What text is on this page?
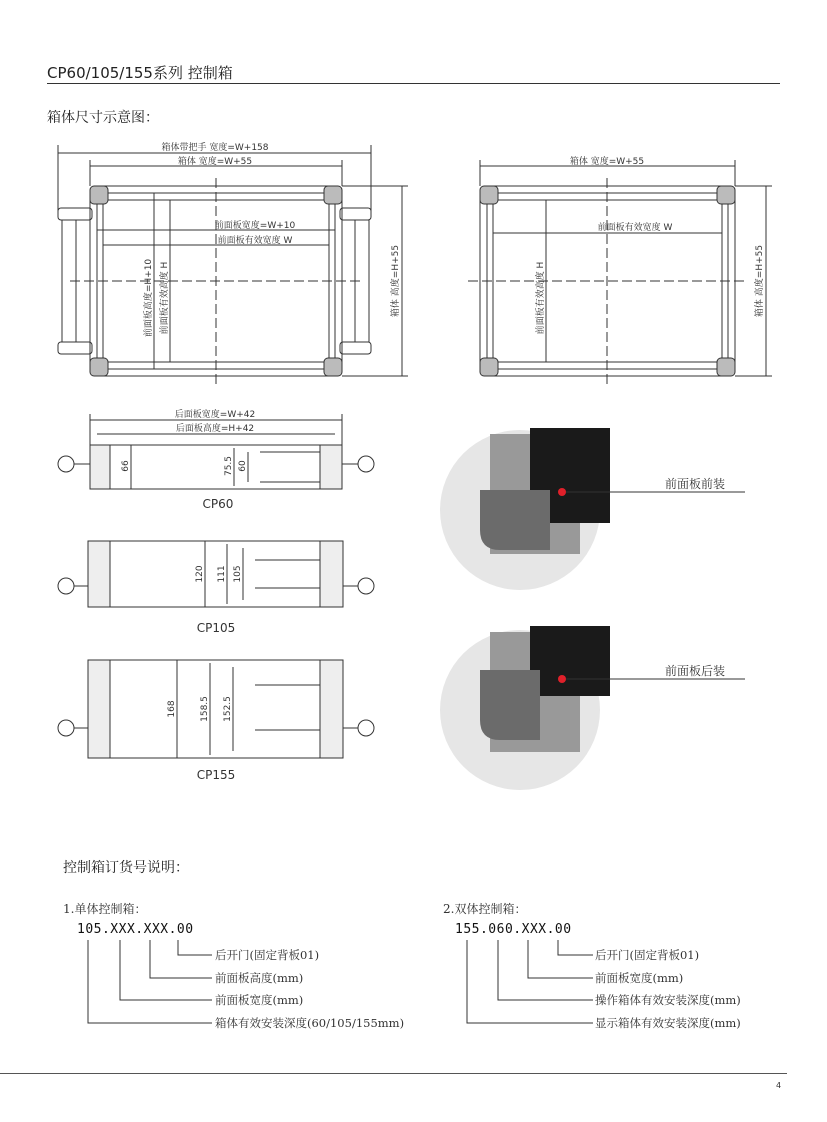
CP60/105/155系列 控制箱
箱体尺寸示意图：
箱体带把手 宽度=W+158
箱体 宽度=W+55
前面板宽度=W+10
前面板有效宽度 W
前面板高度=H+10 前面板有效高度 H	箱体 高度=H+55
箱体 宽度=W+55
前面板有效宽度 W
前面板有效高度 H	箱体 高度=H+55
后面板宽度=W+42
后面板高度=H+42
66	75.5 60
CP60
120 111 105
CP105
168	158.5 152.5
CP155
前面板前装
前面板后装
控制箱订货号说明：
1.单体控制箱：
105.XXX.XXX.00
后开门(固定背板01)
前面板高度(mm)
前面板宽度(mm)
箱体有效安装深度(60/105/155mm)
2.双体控制箱：
155.060.XXX.00
后开门(固定背板01)
前面板宽度(mm)
操作箱体有效安装深度(mm)
显示箱体有效安装深度(mm)
4
